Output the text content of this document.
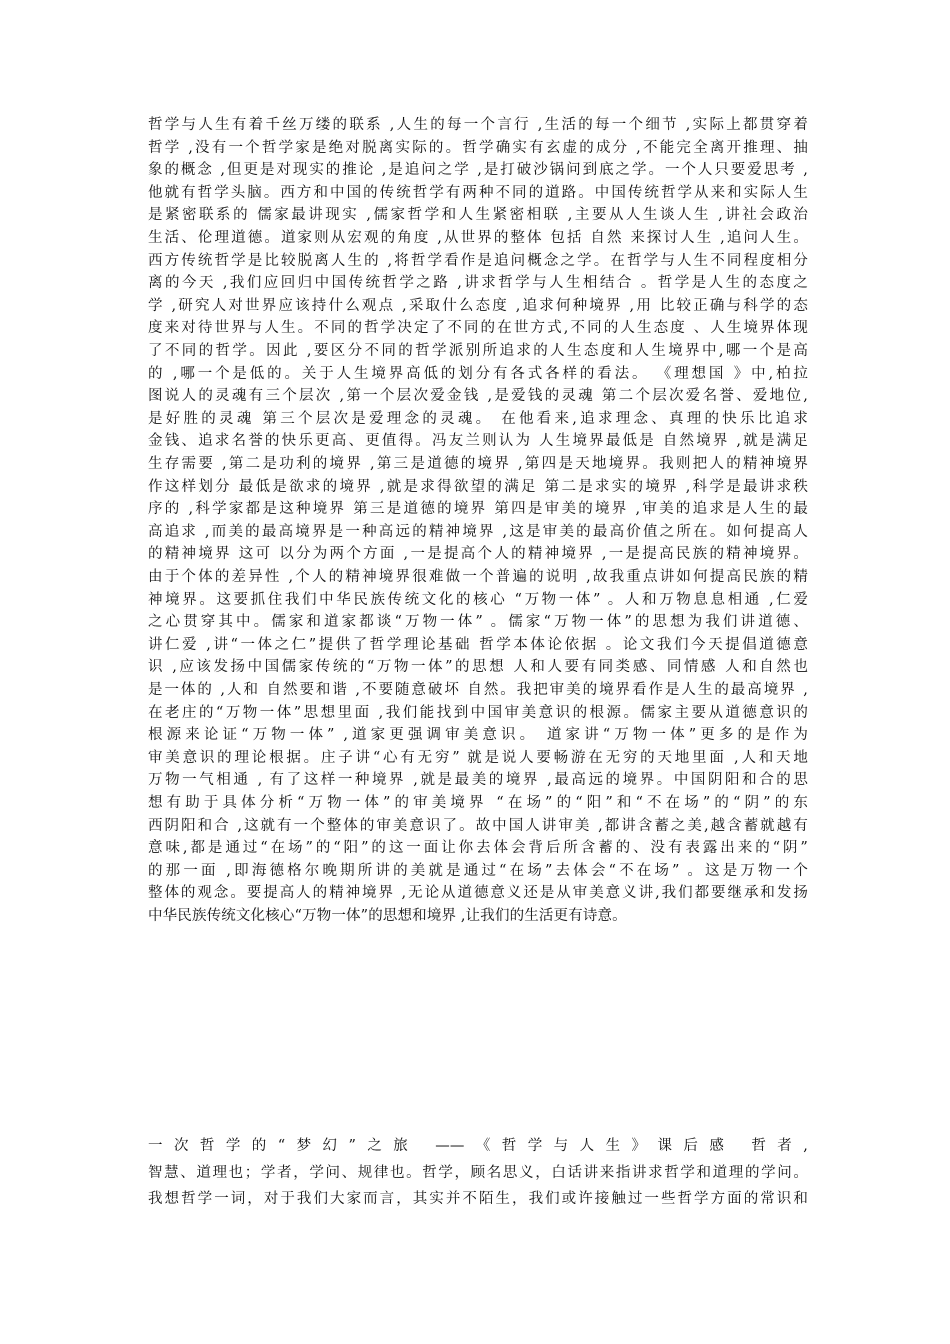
哲学与人生有着千丝万缕的联系 ,人生的每一个言行 ,生活的每一个细节 ,实际上都贯穿着
哲学 ,没有一个哲学家是绝对脱离实际的。哲学确实有玄虚的成分 ,不能完全离开推理、抽
象的概念 ,但更是对现实的推论 ,是追问之学 ,是打破沙锅问到底之学。一个人只要爱思考 ,
他就有哲学头脑。西方和中国的传统哲学有两种不同的道路。中国传统哲学从来和实际人生
是紧密联系的 儒家最讲现实 ,儒家哲学和人生紧密相联 ,主要从人生谈人生 ,讲社会政治
生活、伦理道德。道家则从宏观的角度 ,从世界的整体 包括 自然 来探讨人生 ,追问人生。
西方传统哲学是比较脱离人生的 ,将哲学看作是追问概念之学。在哲学与人生不同程度相分
离的今天 ,我们应回归中国传统哲学之路 ,讲求哲学与人生相结合 。哲学是人生的态度之
学 ,研究人对世界应该持什么观点 ,采取什么态度 ,追求何种境界 ,用 比较正确与科学的态
度来对待世界与人生。不同的哲学决定了不同的在世方式,不同的人生态度 、人生境界体现
了不同的哲学。因此 ,要区分不同的哲学派别所追求的人生态度和人生境界中,哪一个是高
的 ,哪一个是低的。关于人生境界高低的划分有各式各样的看法。 《理想国 》中,柏拉
图说人的灵魂有三个层次 ,第一个层次爱金钱 ,是爱钱的灵魂 第二个层次爱名誉、爱地位,
是好胜的灵魂 第三个层次是爱理念的灵魂。 在他看来,追求理念、真理的快乐比追求
金钱、追求名誉的快乐更高、更值得。冯友兰则认为 人生境界最低是 自然境界 ,就是满足
生存需要 ,第二是功利的境界 ,第三是道德的境界 ,第四是天地境界。我则把人的精神境界
作这样划分 最低是欲求的境界 ,就是求得欲望的满足 第二是求实的境界 ,科学是最讲求秩
序的 ,科学家都是这种境界 第三是道德的境界 第四是审美的境界 ,审美的追求是人生的最
高追求 ,而美的最高境界是一种高远的精神境界 ,这是审美的最高价值之所在。如何提高人
的精神境界 这可 以分为两个方面 ,一是提高个人的精神境界 ,一是提高民族的精神境界。
由于个体的差异性 ,个人的精神境界很难做一个普遍的说明 ,故我重点讲如何提高民族的精
神境界。这要抓住我们中华民族传统文化的核心 “万物一体” 。人和万物息息相通 ,仁爱
之心贯穿其中。儒家和道家都谈“万物一体” 。儒家“万物一体”的思想为我们讲道德、
讲仁爱 ,讲“一体之仁”提供了哲学理论基础 哲学本体论依据 。论文我们今天提倡道德意
识 ,应该发扬中国儒家传统的“万物一体”的思想 人和人要有同类感、同情感 人和自然也
是一体的 ,人和 自然要和谐 ,不要随意破坏 自然。我把审美的境界看作是人生的最高境界 ,
在老庄的“万物一体”思想里面 ,我们能找到中国审美意识的根源。儒家主要从道德意识的
根源来论证“万物一体” ,道家更强调审美意识。 道家讲“万物一体”更多的是作为
审美意识的理论根据。庄子讲“心有无穷” 就是说人要畅游在无穷的天地里面 ,人和天地
万物一气相通 , 有了这样一种境界 ,就是最美的境界 ,最高远的境界。中国阴阳和合的思
想有助于具体分析“万物一体”的审美境界 “在场”的“阳”和“不在场”的“阴”的东
西阴阳和合 ,这就有一个整体的审美意识了。故中国人讲审美 ,都讲含蓄之美,越含蓄就越有
意味,都是通过“在场”的“阳”的这一面让你去体会背后所含蓄的、没有表露出来的“阴”
的那一面 ,即海德格尔晚期所讲的美就是通过“在场”去体会“不在场” 。这是万物一个
整体的观念。要提高人的精神境界 ,无论从道德意义还是从审美意义讲,我们都要继承和发扬
中华民族传统文化核心“万物一体”的思想和境界 ,让我们的生活更有诗意。
一次哲学的“梦幻”之旅 ——《哲学与人生》课后感 哲者,
智慧、道理也；学者，学问、规律也。哲学，顾名思义，白话讲来指讲求哲学和道理的学问。
我想哲学一词，对于我们大家而言，其实并不陌生，我们或许接触过一些哲学方面的常识和
